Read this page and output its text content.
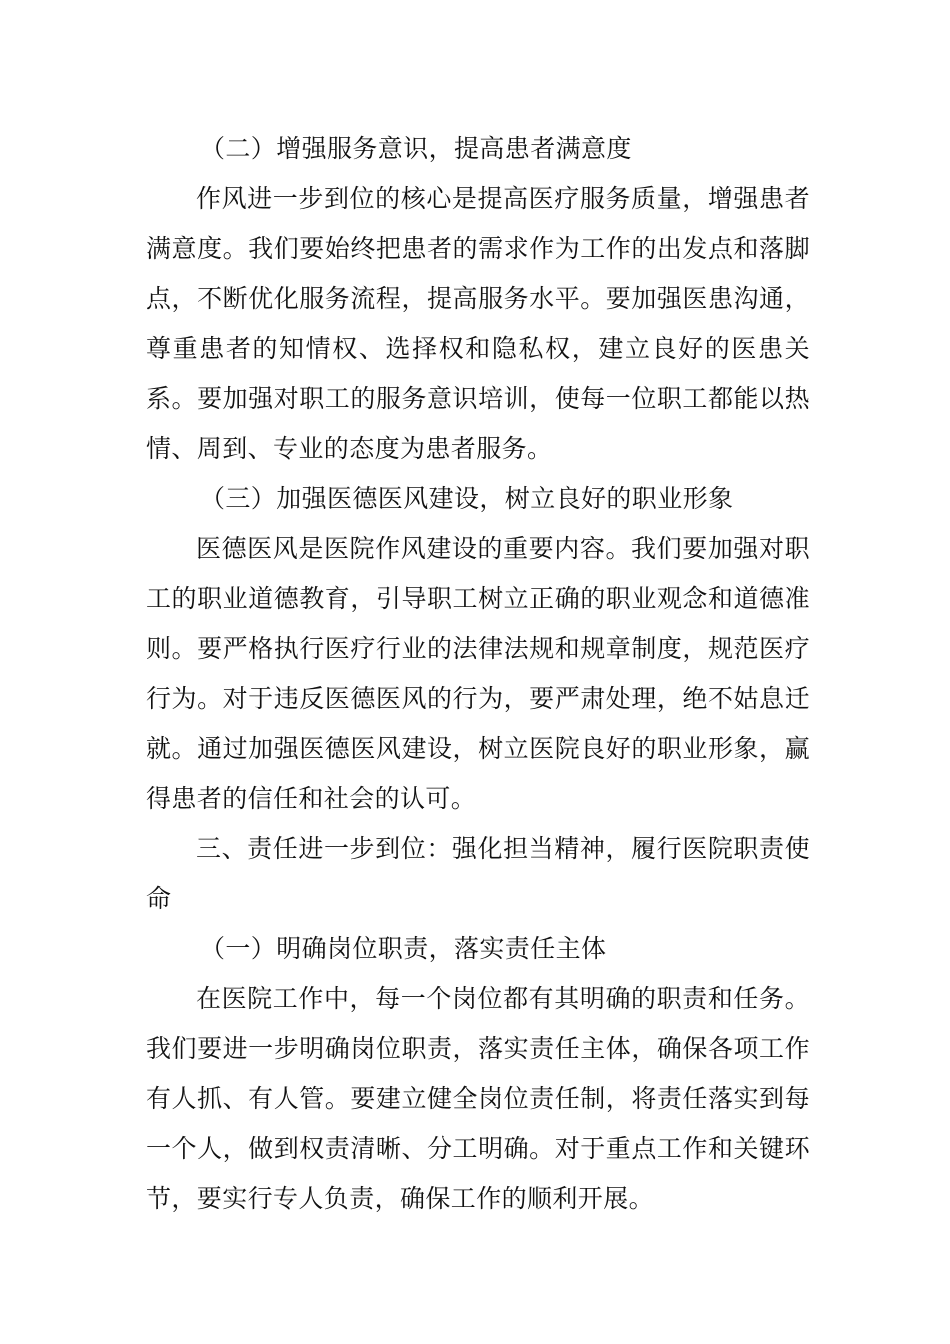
（二）增强服务意识，提高患者满意度

作风进一步到位的核心是提高医疗服务质量，增强患者满意度。我们要始终把患者的需求作为工作的出发点和落脚点，不断优化服务流程，提高服务水平。要加强医患沟通，尊重患者的知情权、选择权和隐私权，建立良好的医患关系。要加强对职工的服务意识培训，使每一位职工都能以热情、周到、专业的态度为患者服务。

（三）加强医德医风建设，树立良好的职业形象

医德医风是医院作风建设的重要内容。我们要加强对职工的职业道德教育，引导职工树立正确的职业观念和道德准则。要严格执行医疗行业的法律法规和规章制度，规范医疗行为。对于违反医德医风的行为，要严肃处理，绝不姑息迁就。通过加强医德医风建设，树立医院良好的职业形象，赢得患者的信任和社会的认可。

三、责任进一步到位：强化担当精神，履行医院职责使命
（一）明确岗位职责，落实责任主体

在医院工作中，每一个岗位都有其明确的职责和任务。我们要进一步明确岗位职责，落实责任主体，确保各项工作有人抓、有人管。要建立健全岗位责任制，将责任落实到每一个人，做到权责清晰、分工明确。对于重点工作和关键环节，要实行专人负责，确保工作的顺利开展。
